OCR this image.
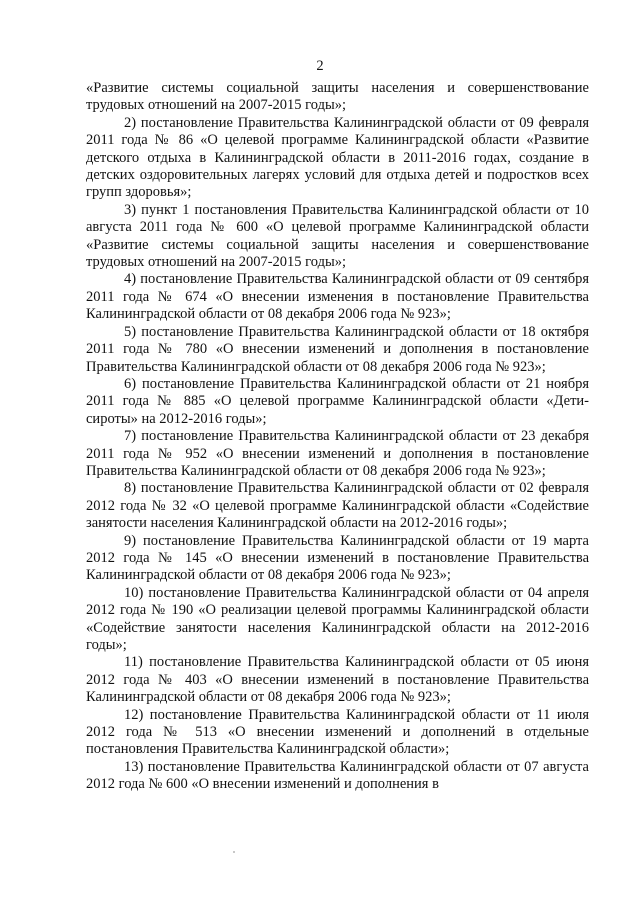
2

«Развитие системы социальной защиты населения и совершенствование трудовых отношений на 2007-2015 годы»;

2) постановление Правительства Калининградской области от 09 февраля 2011 года № 86 «О целевой программе Калининградской области «Развитие детского отдыха в Калининградской области в 2011-2016 годах, создание в детских оздоровительных лагерях условий для отдыха детей и подростков всех групп здоровья»;

3) пункт 1 постановления Правительства Калининградской области от 10 августа 2011 года № 600 «О целевой программе Калининградской области «Развитие системы социальной защиты населения и совершенствование трудовых отношений на 2007-2015 годы»;

4) постановление Правительства Калининградской области от 09 сентября 2011 года № 674 «О внесении изменения в постановление Правительства Калининградской области от 08 декабря 2006 года № 923»;

5) постановление Правительства Калининградской области от 18 октября 2011 года № 780 «О внесении изменений и дополнения в постановление Правительства Калининградской области от 08 декабря 2006 года № 923»;

6) постановление Правительства Калининградской области от 21 ноября 2011 года № 885 «О целевой программе Калининградской области «Дети-сироты» на 2012-2016 годы»;

7) постановление Правительства Калининградской области от 23 декабря 2011 года № 952 «О внесении изменений и дополнения в постановление Правительства Калининградской области от 08 декабря 2006 года № 923»;

8) постановление Правительства Калининградской области от 02 февраля 2012 года № 32 «О целевой программе Калининградской области «Содействие занятости населения Калининградской области на 2012-2016 годы»;

9) постановление Правительства Калининградской области от 19 марта 2012 года № 145 «О внесении изменений в постановление Правительства Калининградской области от 08 декабря 2006 года № 923»;

10) постановление Правительства Калининградской области от 04 апреля 2012 года № 190 «О реализации целевой программы Калининградской области «Содействие занятости населения Калининградской области на 2012-2016 годы»;

11) постановление Правительства Калининградской области от 05 июня 2012 года № 403 «О внесении изменений в постановление Правительства Калининградской области от 08 декабря 2006 года № 923»;

12) постановление Правительства Калининградской области от 11 июля 2012 года № 513 «О внесении изменений и дополнений в отдельные постановления Правительства Калининградской области»;

13) постановление Правительства Калининградской области от 07 августа 2012 года № 600 «О внесении изменений и дополнения в
